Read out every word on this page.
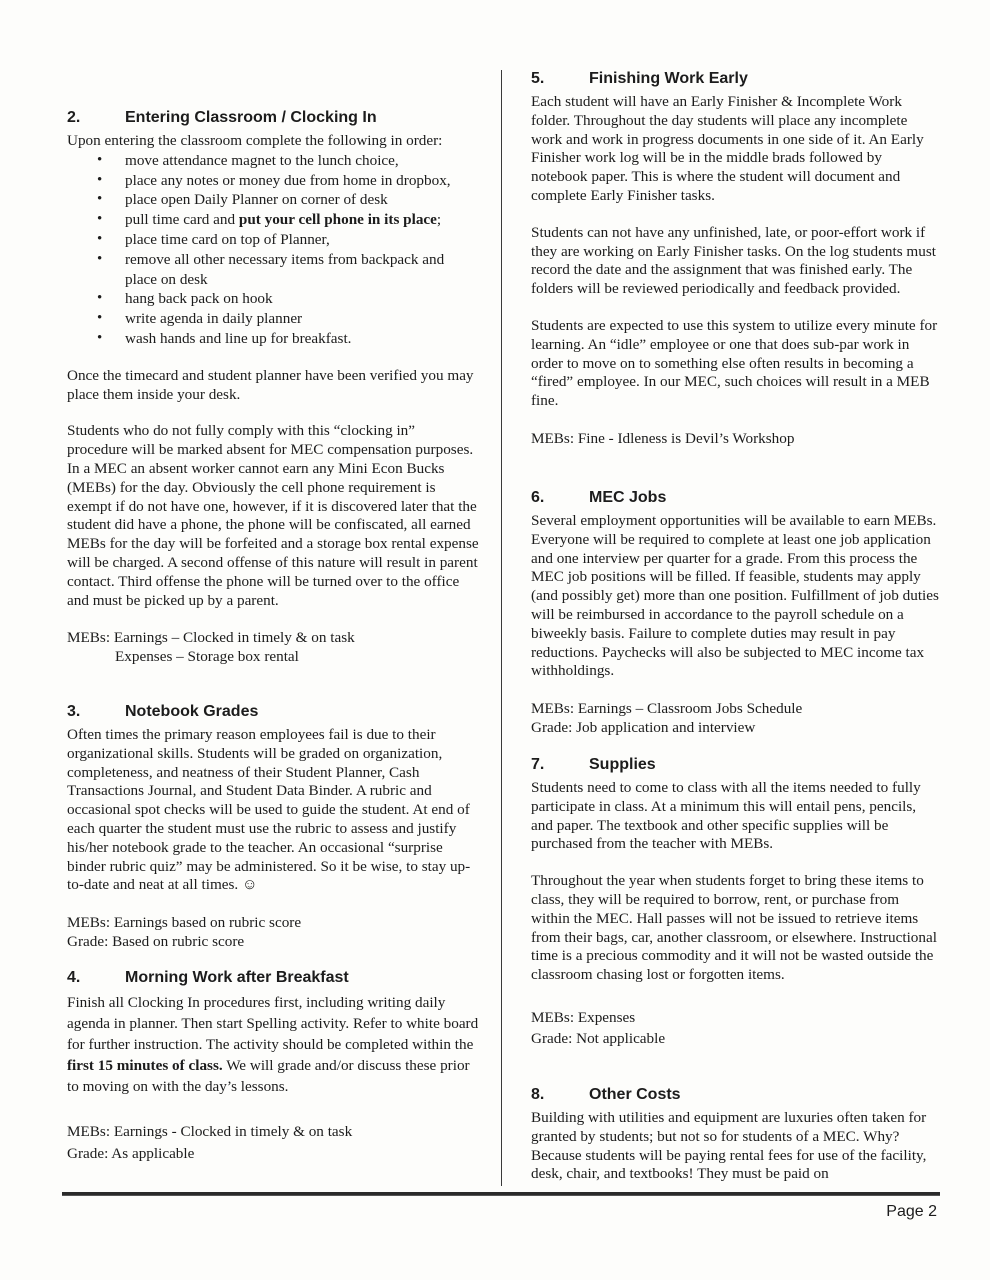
2.	Entering Classroom / Clocking In

Upon entering the classroom complete the following in order:

• move attendance magnet to the lunch choice,
• place any notes or money due from home in dropbox,
• place open Daily Planner on corner of desk
• pull time card and put your cell phone in its place;
• place time card on top of Planner,
• remove all other necessary items from backpack and place on desk
• hang back pack on hook
• write agenda in daily planner
• wash hands and line up for breakfast.

Once the timecard and student planner have been verified you may place them inside your desk.

Students who do not fully comply with this “clocking in” procedure will be marked absent for MEC compensation purposes. In a MEC an absent worker cannot earn any Mini Econ Bucks (MEBs) for the day. Obviously the cell phone requirement is exempt if do not have one, however, if it is discovered later that the student did have a phone, the phone will be confiscated, all earned MEBs for the day will be forfeited and a storage box rental expense will be charged. A second offense of this nature will result in parent contact. Third offense the phone will be turned over to the office and must be picked up by a parent.

MEBs: Earnings – Clocked in timely & on task
Expenses – Storage box rental
3.	Notebook Grades

Often times the primary reason employees fail is due to their organizational skills. Students will be graded on organization, completeness, and neatness of their Student Planner, Cash Transactions Journal, and Student Data Binder. A rubric and occasional spot checks will be used to guide the student. At end of each quarter the student must use the rubric to assess and justify his/her notebook grade to the teacher. An occasional “surprise binder rubric quiz” may be administered. So it be wise, to stay up-to-date and neat at all times. ☺

MEBs: Earnings based on rubric score
Grade: Based on rubric score
4.	Morning Work after Breakfast

Finish all Clocking In procedures first, including writing daily agenda in planner. Then start Spelling activity. Refer to white board for further instruction. The activity should be completed within the first 15 minutes of class. We will grade and/or discuss these prior to moving on with the day’s lessons.

MEBs: Earnings - Clocked in timely & on task
Grade: As applicable
5.	Finishing Work Early

Each student will have an Early Finisher & Incomplete Work folder. Throughout the day students will place any incomplete work and work in progress documents in one side of it. An Early Finisher work log will be in the middle brads followed by notebook paper. This is where the student will document and complete Early Finisher tasks.

Students can not have any unfinished, late, or poor-effort work if they are working on Early Finisher tasks. On the log students must record the date and the assignment that was finished early. The folders will be reviewed periodically and feedback provided.

Students are expected to use this system to utilize every minute for learning. An “idle” employee or one that does sub-par work in order to move on to something else often results in becoming a “fired” employee. In our MEC, such choices will result in a MEB fine.

MEBs: Fine - Idleness is Devil’s Workshop
6.	MEC Jobs

Several employment opportunities will be available to earn MEBs. Everyone will be required to complete at least one job application and one interview per quarter for a grade. From this process the MEC job positions will be filled. If feasible, students may apply (and possibly get) more than one position. Fulfillment of job duties will be reimbursed in accordance to the payroll schedule on a biweekly basis. Failure to complete duties may result in pay reductions. Paychecks will also be subjected to MEC income tax withholdings.

MEBs: Earnings – Classroom Jobs Schedule
Grade: Job application and interview
7.	Supplies

Students need to come to class with all the items needed to fully participate in class. At a minimum this will entail pens, pencils, and paper. The textbook and other specific supplies will be purchased from the teacher with MEBs.

Throughout the year when students forget to bring these items to class, they will be required to borrow, rent, or purchase from within the MEC. Hall passes will not be issued to retrieve items from their bags, car, another classroom, or elsewhere. Instructional time is a precious commodity and it will not be wasted outside the classroom chasing lost or forgotten items.

MEBs: Expenses
Grade: Not applicable
8.	Other Costs

Building with utilities and equipment are luxuries often taken for granted by students; but not so for students of a MEC. Why? Because students will be paying rental fees for use of the facility, desk, chair, and textbooks! They must be paid on

Page 2
